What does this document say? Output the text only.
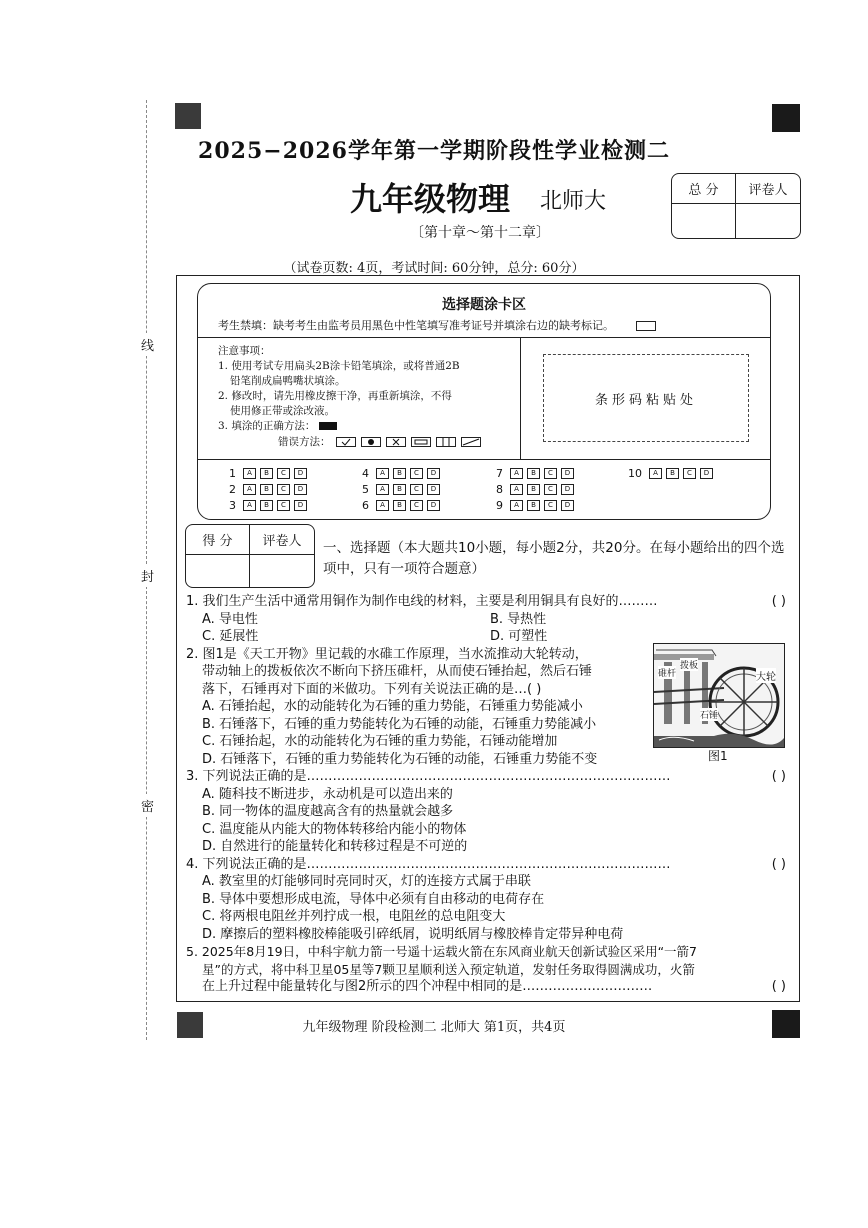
线
封
密
2025−2026学年第一学期阶段性学业检测二
九年级物理 北师大
〔第十章～第十二章〕
（试卷页数: 4页，考试时间: 60分钟，总分: 60分）
总 分	评卷人
选择题涂卡区
考生禁填：缺考考生由监考员用黑色中性笔填写准考证号并填涂右边的缺考标记。
注意事项：
1. 使用考试专用扁头2B涂卡铅笔填涂，或将普通2B
铅笔削成扁鸭嘴状填涂。
2. 修改时，请先用橡皮擦干净，再重新填涂，不得
使用修正带或涂改液。
3. 填涂的正确方法：
错误方法：
条形码粘贴处
1	A	B	C	D
2	A	B	C	D
3	A	B	C	D
4	A	B	C	D
5	A	B	C	D
6	A	B	C	D
7	A	B	C	D
8	A	B	C	D
9	A	B	C	D
10	A	B	C	D
得 分	评卷人	一、选择题（本大题共10小题，每小题2分，共20分。在每小题给出的四个选项中，只有一项符合题意）
碓杆
拨板
大轮
石锤
图1
1. 我们生产生活中通常用铜作为制作电线的材料，主要是利用铜具有良好的………	( )
A. 导电性	B. 导热性
C. 延展性	D. 可塑性

2. 图1是《天工开物》里记载的水碓工作原理，当水流推动大轮转动，

带动轴上的拨板依次不断向下挤压碓杆，从而使石锤抬起，然后石锤

落下，石锤再对下面的米做功。下列有关说法正确的是…( )

A. 石锤抬起，水的动能转化为石锤的重力势能，石锤重力势能减小

B. 石锤落下，石锤的重力势能转化为石锤的动能，石锤重力势能减小

C. 石锤抬起，水的动能转化为石锤的重力势能，石锤动能增加

D. 石锤落下，石锤的重力势能转化为石锤的动能，石锤重力势能不变

3. 下列说法正确的是…………………………………………………………………………	( )

A. 随科技不断进步，永动机是可以造出来的

B. 同一物体的温度越高含有的热量就会越多

C. 温度能从内能大的物体转移给内能小的物体

D. 自然进行的能量转化和转移过程是不可逆的

4. 下列说法正确的是…………………………………………………………………………	( )

A. 教室里的灯能够同时亮同时灭，灯的连接方式属于串联

B. 导体中要想形成电流，导体中必须有自由移动的电荷存在

C. 将两根电阻丝并列拧成一根，电阻丝的总电阻变大

D. 摩擦后的塑料橡胶棒能吸引碎纸屑，说明纸屑与橡胶棒肯定带异种电荷

5. 2025年8月19日，中科宇航力箭一号遥十运载火箭在东风商业航天创新试验区采用“一箭7

星”的方式，将中科卫星05星等7颗卫星顺利送入预定轨道，发射任务取得圆满成功，火箭

在上升过程中能量转化与图2所示的四个冲程中相同的是…………………………	( )
九年级物理 阶段检测二 北师大 第1页，共4页
